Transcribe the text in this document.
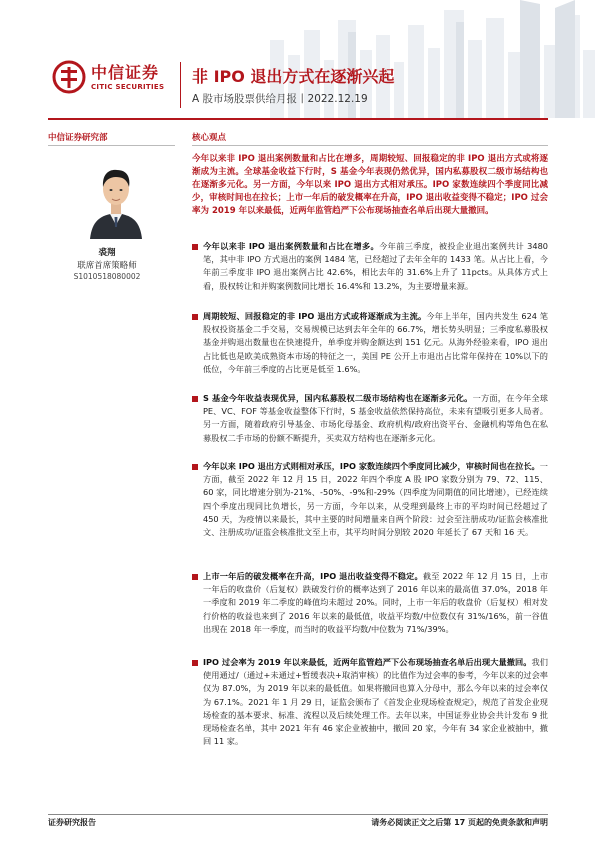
中信证券
CITIC SECURITIES
非 IPO 退出方式在逐渐兴起
A 股市场股票供给月报丨2022.12.19
中信证券研究部	核心观点
裘翔
联席首席策略师
S1010518080002

今年以来非 IPO 退出案例数量和占比在增多，周期较短、回报稳定的非 IPO 退出方式或将逐渐成为主流。全球基金收益下行时，S 基金今年表现仍然优异，国内私募股权二级市场结构也在逐渐多元化。另一方面，今年以来 IPO 退出方式相对承压。IPO 家数连续四个季度同比减少，审核时间也在拉长；上市一年后的破发概率在升高，IPO 退出收益变得不稳定；IPO 过会率为 2019 年以来最低，近两年监管趋严下公布现场抽查名单后出现大量撤回。

今年以来非 IPO 退出案例数量和占比在增多。今年前三季度，被投企业退出案例共计 3480 笔，其中非 IPO 方式退出的案例 1484 笔，已经超过了去年全年的 1433 笔。从占比上看，今年前三季度非 IPO 退出案例占比 42.6%，相比去年的 31.6%上升了 11pcts。从具体方式上看，股权转让和并购案例数同比增长 16.4%和 13.2%，为主要增量来源。

周期较短、回报稳定的非 IPO 退出方式或将逐渐成为主流。今年上半年，国内共发生 624 笔股权投资基金二手交易，交易规模已达到去年全年的 66.7%，增长势头明显；三季度私募股权基金并购退出数量也在快速提升，单季度并购金额达到 151 亿元。从海外经验来看，IPO 退出占比低也是欧美成熟资本市场的特征之一，美国 PE 公开上市退出占比常年保持在 10%以下的低位，今年前三季度的占比更是低至 1.6%。

S 基金今年收益表现优异，国内私募股权二级市场结构也在逐渐多元化。一方面，在今年全球 PE、VC、FOF 等基金收益整体下行时，S 基金收益依然保持高位，未来有望吸引更多人局者。另一方面，随着政府引导基金、市场化母基金、政府机构/政府出资平台、金融机构等角色在私募股权二手市场的份额不断提升，买卖双方结构也在逐渐多元化。

今年以来 IPO 退出方式则相对承压，IPO 家数连续四个季度同比减少，审核时间也在拉长。一方面，截至 2022 年 12 月 15 日，2022 年四个季度 A 股 IPO 家数分别为 79、72、115、60 家，同比增速分别为-21%、-50%、-9%和-29%（四季度为同期值的同比增速），已经连续四个季度出现同比负增长，另一方面，今年以来，从受理到最终上市的平均时间已经超过了 450 天，为疫情以来最长，其中主要的时间增量来自两个阶段：过会至注册成功/证监会核准批文、注册成功/证监会核准批文至上市，其平均时间分别较 2020 年延长了 67 天和 16 天。

上市一年后的破发概率在升高，IPO 退出收益变得不稳定。截至 2022 年 12 月 15 日，上市一年后的收盘价（后复权）跌破发行价的概率达到了 2016 年以来的最高值 37.0%，2018 年一季度和 2019 年二季度的峰值均未超过 20%。同时，上市一年后的收盘价（后复权）相对发行价格的收益也来到了 2016 年以来的最低值，收益平均数/中位数仅有 31%/16%，前一谷值出现在 2018 年一季度，而当时的收益平均数/中位数为 71%/39%。

IPO 过会率为 2019 年以来最低，近两年监管趋严下公布现场抽查名单后出现大量撤回。我们使用通过/（通过+未通过+暂缓表决+取消审核）的比值作为过会率的参考，今年以来的过会率仅为 87.0%，为 2019 年以来的最低值。如果将撤回也算入分母中，那么今年以来的过会率仅为 67.1%。2021 年 1 月 29 日，证监会颁布了《首发企业现场检查规定》，规范了首发企业现场检查的基本要求、标准、流程以及后续处理工作。去年以来，中国证券业协会共计发布 9 批现场检查名单，其中 2021 年有 46 家企业被抽中，撤回 20 家，今年有 34 家企业被抽中，撤回 11 家。

证券研究报告	请务必阅读正文之后第 17 页起的免责条款和声明
